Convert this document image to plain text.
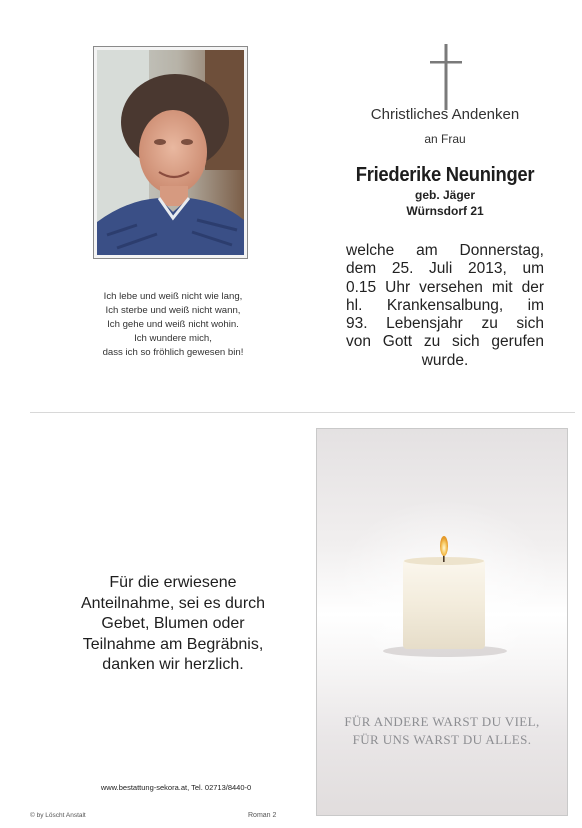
Ich lebe und weiß nicht wie lang,
Ich sterbe und weiß nicht wann,
Ich gehe und weiß nicht wohin.
Ich wundere mich,
dass ich so fröhlich gewesen bin!
Christliches Andenken
an Frau
Friederike Neuninger
geb. Jäger
Würnsdorf 21
welche am Donnerstag,
dem 25. Juli 2013, um
0.15 Uhr versehen mit der
hl. Krankensalbung, im
93. Lebensjahr zu sich
von Gott zu sich gerufen
wurde.
Für die erwiesene
Anteilnahme, sei es durch
Gebet, Blumen oder
Teilnahme am Begräbnis,
danken wir herzlich.
www.bestattung-sekora.at, Tel. 02713/8440-0
© by Löscht Anstalt	Roman 2
FÜR ANDERE WARST DU VIEL,
FÜR UNS WARST DU ALLES.
